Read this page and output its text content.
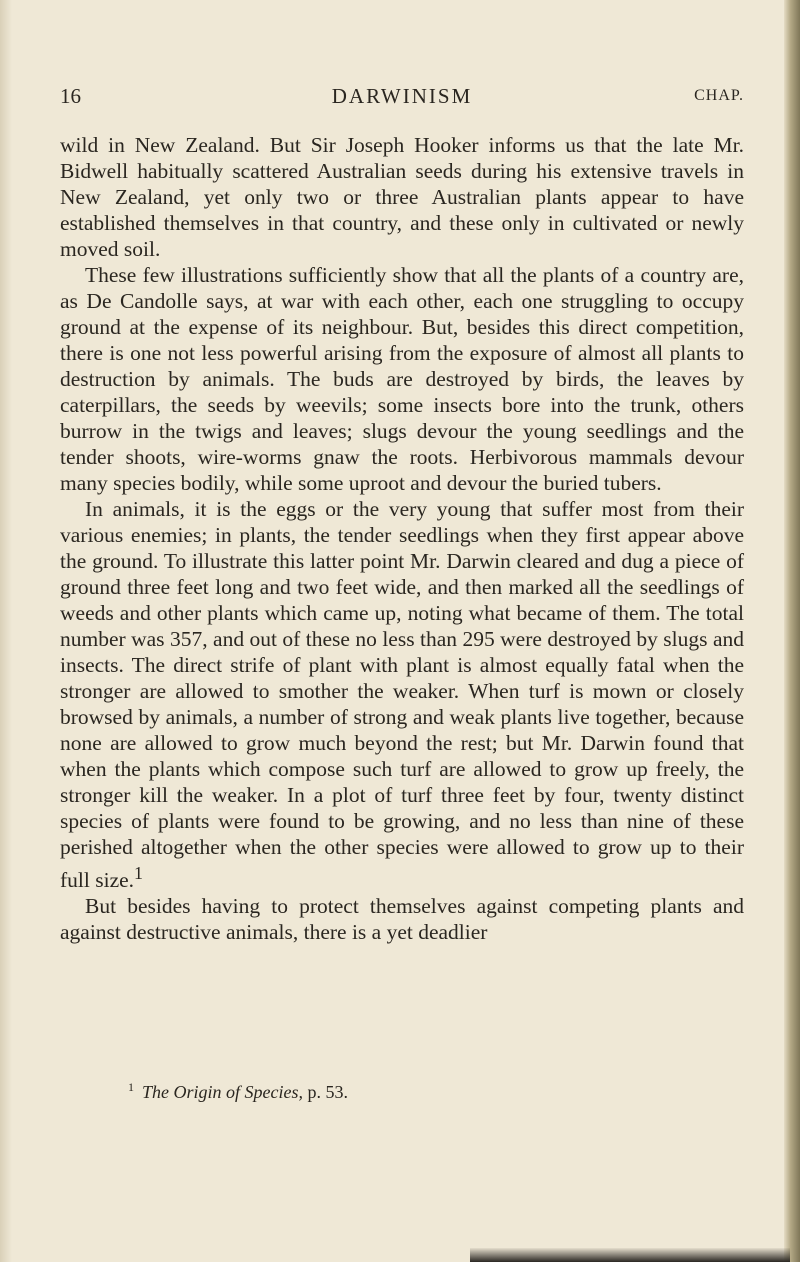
16	DARWINISM	CHAP.

wild in New Zealand. But Sir Joseph Hooker informs us that the late Mr. Bidwell habitually scattered Australian seeds during his extensive travels in New Zealand, yet only two or three Australian plants appear to have established themselves in that country, and these only in cultivated or newly moved soil.

These few illustrations sufficiently show that all the plants of a country are, as De Candolle says, at war with each other, each one struggling to occupy ground at the expense of its neighbour. But, besides this direct competition, there is one not less powerful arising from the exposure of almost all plants to destruction by animals. The buds are destroyed by birds, the leaves by caterpillars, the seeds by weevils; some insects bore into the trunk, others burrow in the twigs and leaves; slugs devour the young seedlings and the tender shoots, wire-worms gnaw the roots. Herbivorous mammals devour many species bodily, while some uproot and devour the buried tubers.

In animals, it is the eggs or the very young that suffer most from their various enemies; in plants, the tender seedlings when they first appear above the ground. To illustrate this latter point Mr. Darwin cleared and dug a piece of ground three feet long and two feet wide, and then marked all the seedlings of weeds and other plants which came up, noting what became of them. The total number was 357, and out of these no less than 295 were destroyed by slugs and insects. The direct strife of plant with plant is almost equally fatal when the stronger are allowed to smother the weaker. When turf is mown or closely browsed by animals, a number of strong and weak plants live together, because none are allowed to grow much beyond the rest; but Mr. Darwin found that when the plants which compose such turf are allowed to grow up freely, the stronger kill the weaker. In a plot of turf three feet by four, twenty distinct species of plants were found to be growing, and no less than nine of these perished altogether when the other species were allowed to grow up to their full size.$^1$

But besides having to protect themselves against competing plants and against destructive animals, there is a yet deadlier

$^1$ The Origin of Species, p. 53.
